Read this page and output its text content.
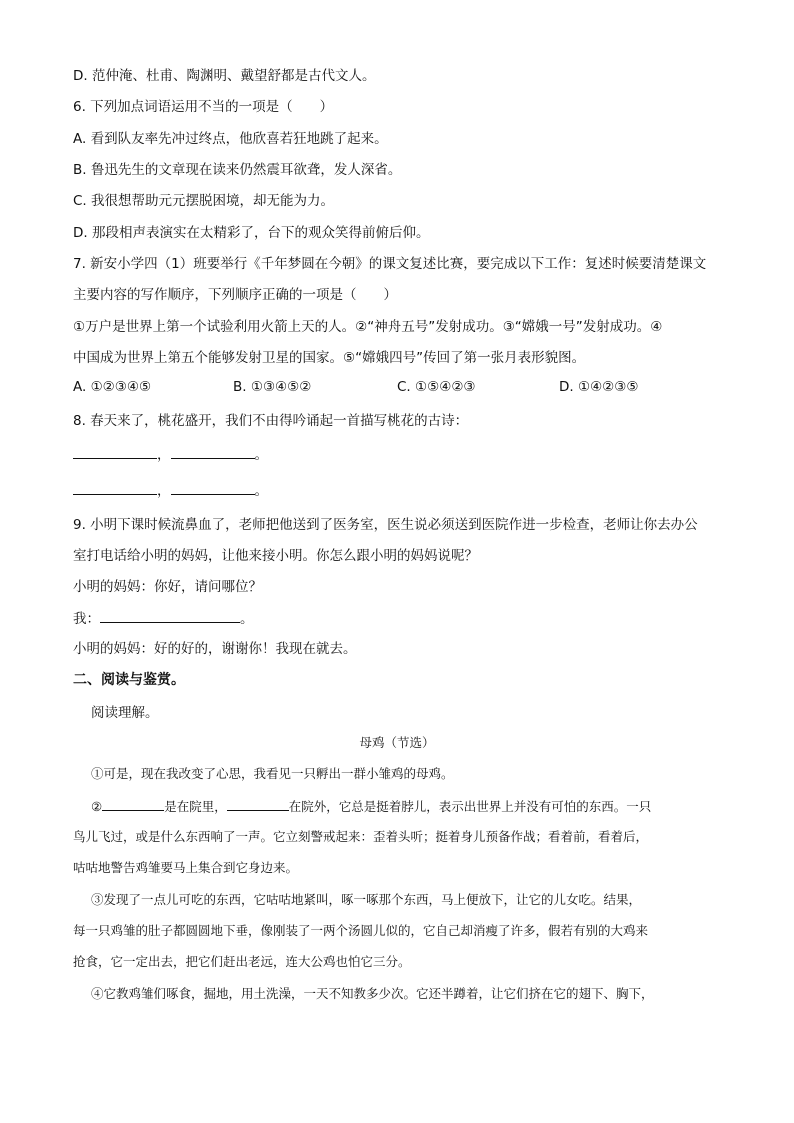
D. 范仲淹、杜甫、陶渊明、戴望舒都是古代文人。
6. 下列加点词语运用不当的一项是（　　）
A. 看到队友率先冲过终点，他欣喜若狂地跳了起来。
B. 鲁迅先生的文章现在读来仍然震耳欲聋，发人深省。
C. 我很想帮助元元摆脱困境，却无能为力。
D. 那段相声表演实在太精彩了，台下的观众笑得前俯后仰。
7. 新安小学四（1）班要举行《千年梦圆在今朝》的课文复述比赛，要完成以下工作：复述时候要清楚课文
主要内容的写作顺序，下列顺序正确的一项是（　　）
①万户是世界上第一个试验利用火箭上天的人。②“神舟五号”发射成功。③“嫦娥一号”发射成功。④
中国成为世界上第五个能够发射卫星的国家。⑤“嫦娥四号”传回了第一张月表形貌图。
A. ①②③④⑤	B. ①③④⑤②	C. ①⑤④②③	D. ①④②③⑤
8. 春天来了，桃花盛开，我们不由得吟诵起一首描写桃花的古诗：
，	。
，	。
9. 小明下课时候流鼻血了，老师把他送到了医务室，医生说必须送到医院作进一步检查，老师让你去办公
室打电话给小明的妈妈，让他来接小明。你怎么跟小明的妈妈说呢？
小明的妈妈：你好，请问哪位？
我：	。
小明的妈妈：好的好的，谢谢你！我现在就去。
二、阅读与鉴赏。
阅读理解。
母鸡（节选）
①可是，现在我改变了心思，我看见一只孵出一群小雏鸡的母鸡。
②	是在院里，	在院外，它总是挺着脖儿，表示出世界上并没有可怕的东西。一只
鸟儿飞过，或是什么东西响了一声。它立刻警戒起来：歪着头听；挺着身儿预备作战；看着前，看着后，
咕咕地警告鸡雏要马上集合到它身边来。
③发现了一点儿可吃的东西，它咕咕地紧叫，啄一啄那个东西，马上便放下，让它的儿女吃。结果，
每一只鸡雏的肚子都圆圆地下垂，像刚装了一两个汤圆儿似的，它自己却消瘦了许多，假若有别的大鸡来
抢食，它一定出去，把它们赶出老远，连大公鸡也怕它三分。
④它教鸡雏们啄食，掘地，用土洗澡，一天不知教多少次。它还半蹲着，让它们挤在它的翅下、胸下，
